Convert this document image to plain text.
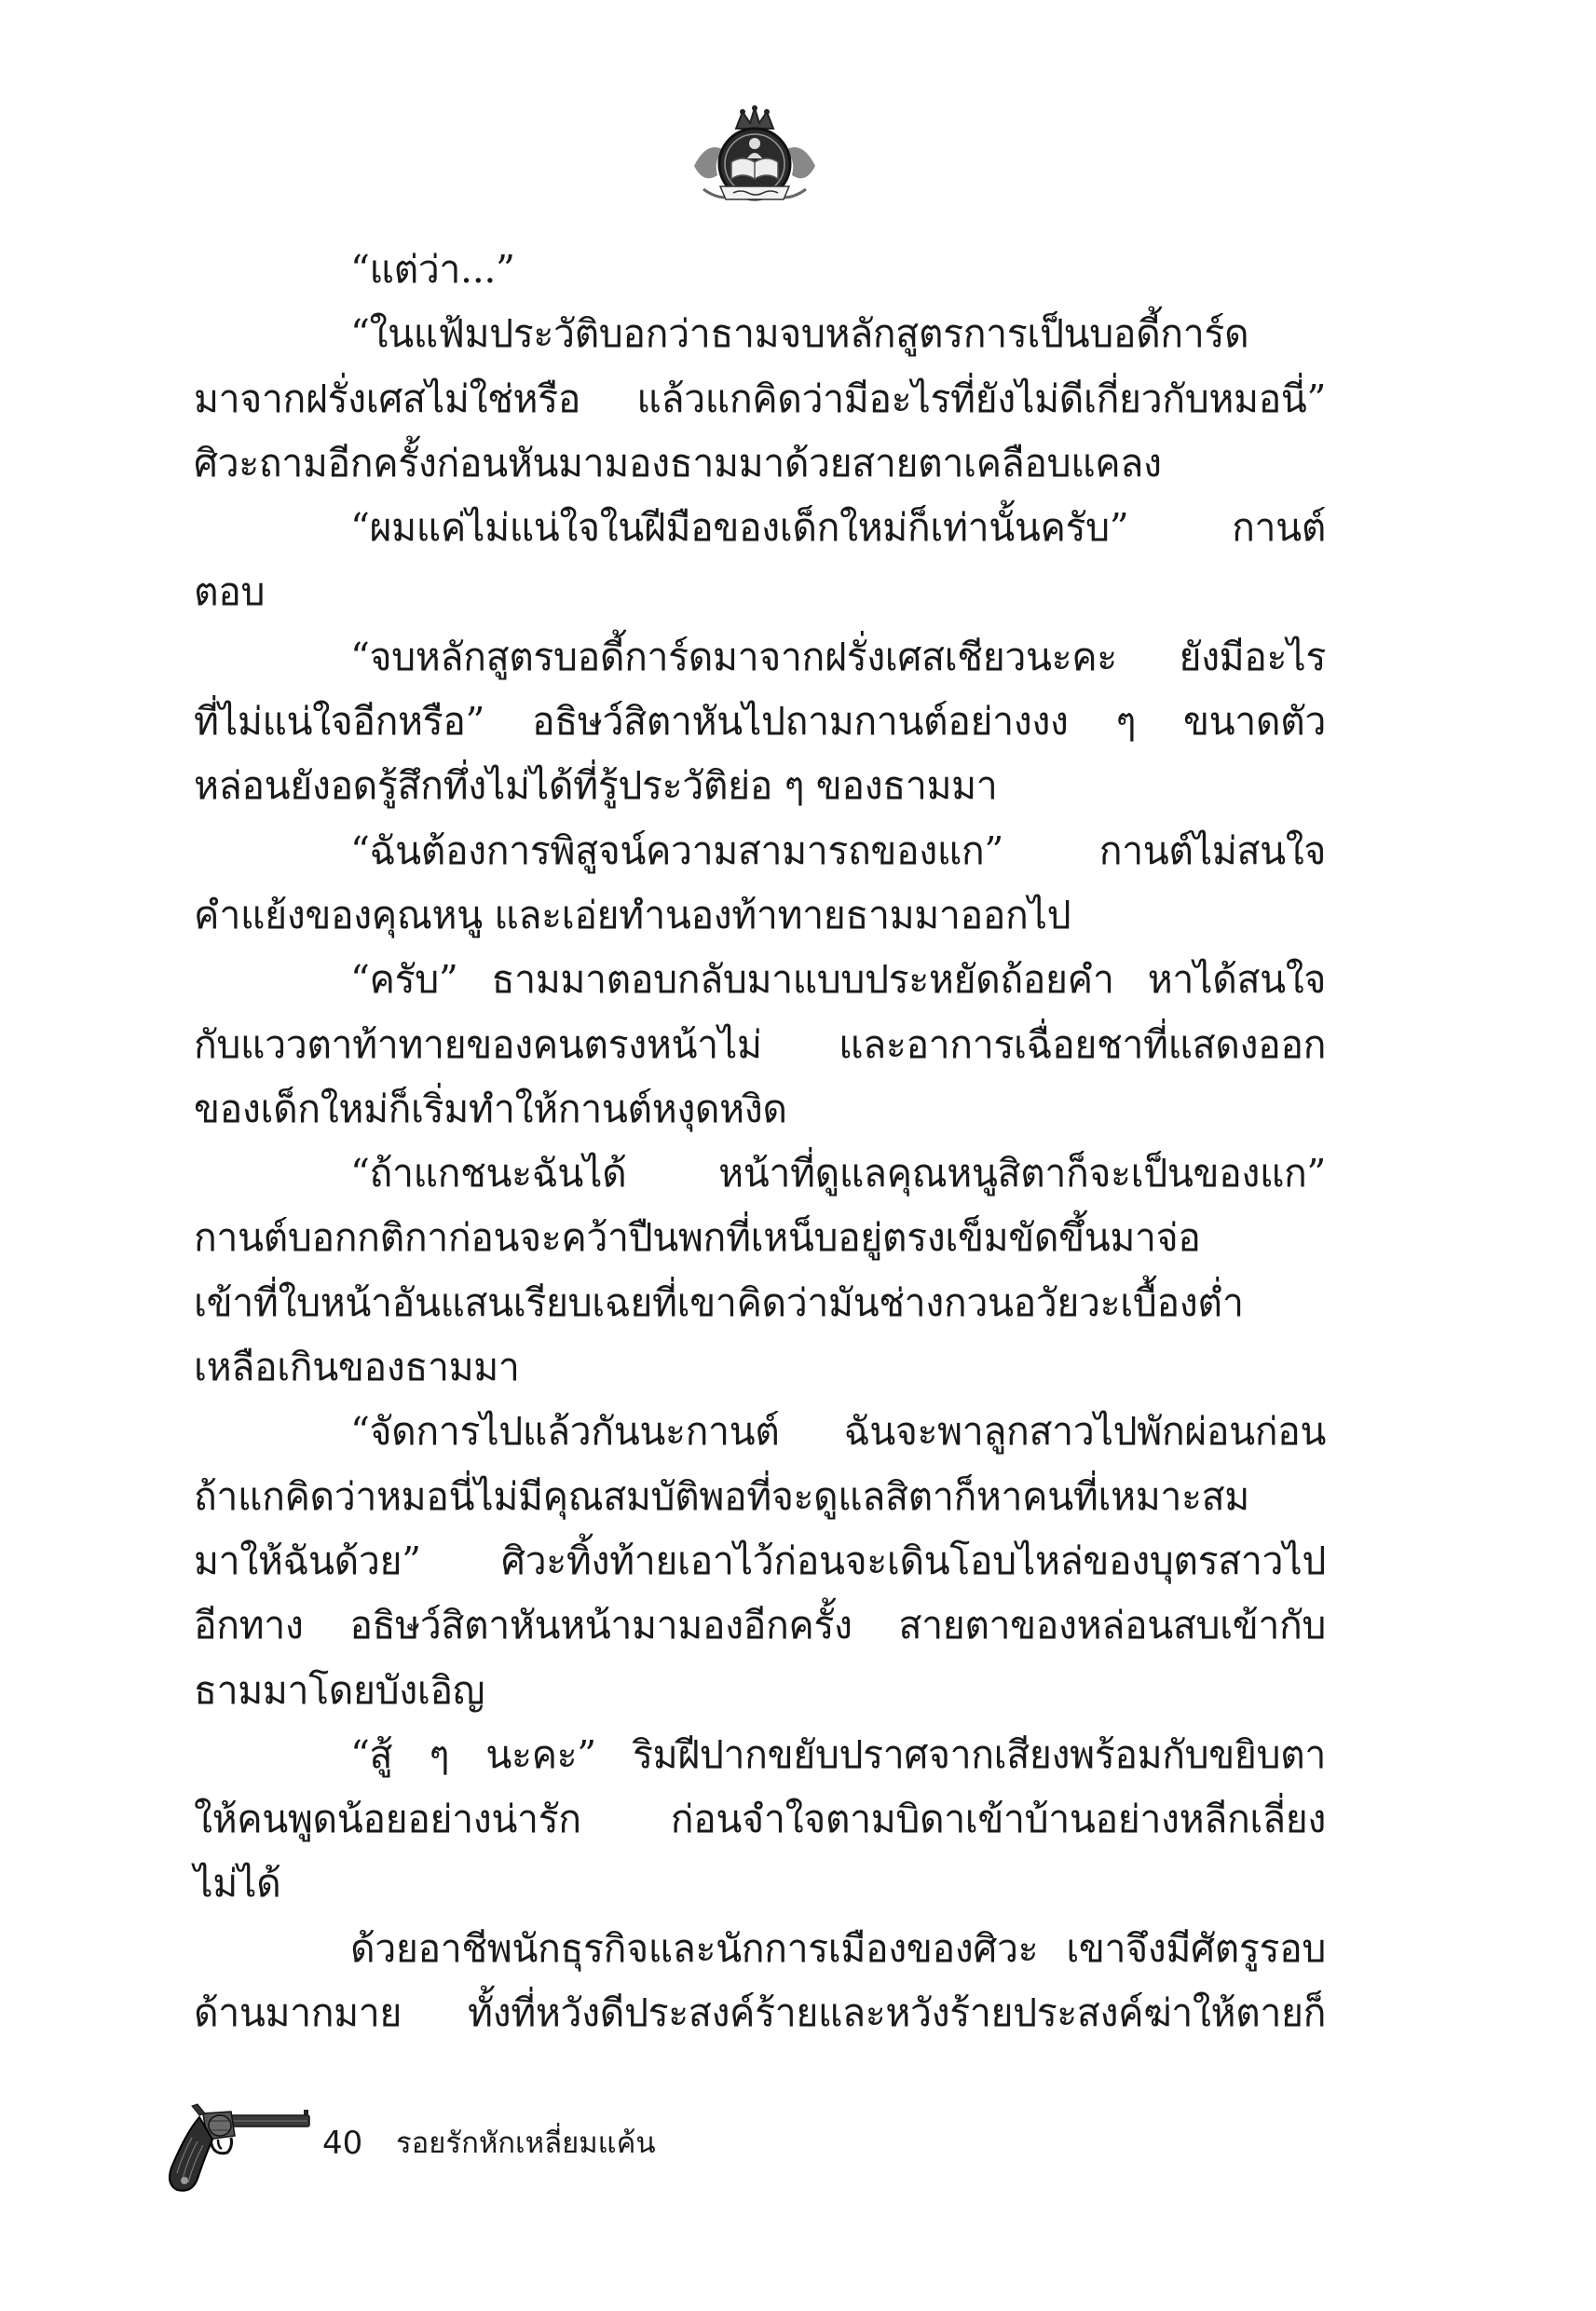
“แต่ว่า...”
“ในแฟ้มประวัติบอกว่าธามจบหลักสูตรการเป็นบอดี้การ์ด
มาจากฝรั่งเศสไม่ใช่หรือ แล้วแกคิดว่ามีอะไรที่ยังไม่ดีเกี่ยวกับหมอนี่”
ศิวะถามอีกครั้งก่อนหันมามองธามมาด้วยสายตาเคลือบแคลง
“ผมแค่ไม่แน่ใจในฝีมือของเด็กใหม่ก็เท่านั้นครับ” กานต์
ตอบ
“จบหลักสูตรบอดี้การ์ดมาจากฝรั่งเศสเชียวนะคะ ยังมีอะไร
ที่ไม่แน่ใจอีกหรือ” อธิษว์สิตาหันไปถามกานต์อย่างงง ๆ ขนาดตัว
หล่อนยังอดรู้สึกทึ่งไม่ได้ที่รู้ประวัติย่อ ๆ ของธามมา
“ฉันต้องการพิสูจน์ความสามารถของแก” กานต์ไม่สนใจ
คำแย้งของคุณหนู และเอ่ยทำนองท้าทายธามมาออกไป
“ครับ” ธามมาตอบกลับมาแบบประหยัดถ้อยคำ หาได้สนใจ
กับแววตาท้าทายของคนตรงหน้าไม่ และอาการเฉื่อยชาที่แสดงออก
ของเด็กใหม่ก็เริ่มทำให้กานต์หงุดหงิด
“ถ้าแกชนะฉันได้ หน้าที่ดูแลคุณหนูสิตาก็จะเป็นของแก”
กานต์บอกกติกาก่อนจะคว้าปืนพกที่เหน็บอยู่ตรงเข็มขัดขึ้นมาจ่อ
เข้าที่ใบหน้าอันแสนเรียบเฉยที่เขาคิดว่ามันช่างกวนอวัยวะเบื้องต่ำ
เหลือเกินของธามมา
“จัดการไปแล้วกันนะกานต์ ฉันจะพาลูกสาวไปพักผ่อนก่อน
ถ้าแกคิดว่าหมอนี่ไม่มีคุณสมบัติพอที่จะดูแลสิตาก็หาคนที่เหมาะสม
มาให้ฉันด้วย” ศิวะทิ้งท้ายเอาไว้ก่อนจะเดินโอบไหล่ของบุตรสาวไป
อีกทาง อธิษว์สิตาหันหน้ามามองอีกครั้ง สายตาของหล่อนสบเข้ากับ
ธามมาโดยบังเอิญ
“สู้ ๆ นะคะ” ริมฝีปากขยับปราศจากเสียงพร้อมกับขยิบตา
ให้คนพูดน้อยอย่างน่ารัก ก่อนจำใจตามบิดาเข้าบ้านอย่างหลีกเลี่ยง
ไม่ได้
ด้วยอาชีพนักธุรกิจและนักการเมืองของศิวะ เขาจึงมีศัตรูรอบ
ด้านมากมาย ทั้งที่หวังดีประสงค์ร้ายและหวังร้ายประสงค์ฆ่าให้ตายก็
40 รอยรักหักเหลี่ยมแค้น
